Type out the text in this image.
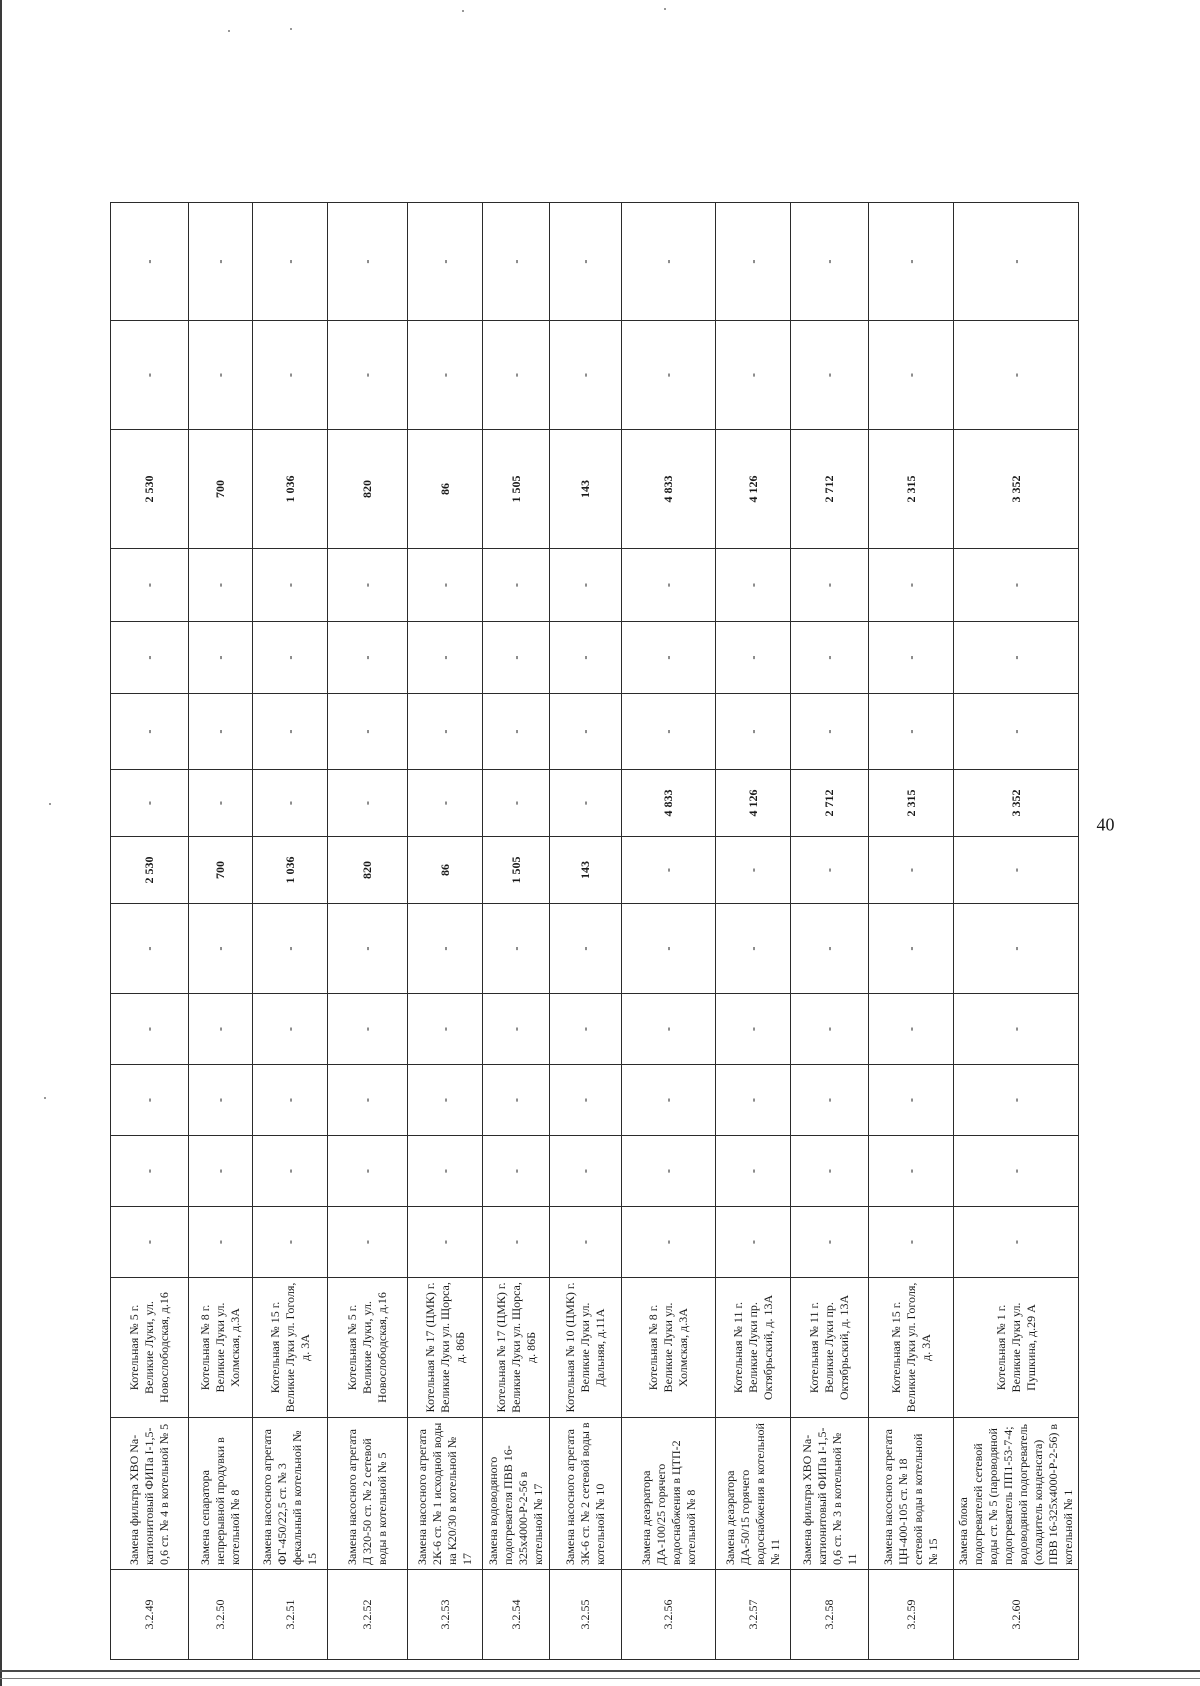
40
3.2.49	Замена фильтра ХВО Na-катионитовый ФИПа I-1,5-0,6 ст. № 4 в котельной № 5	Котельная № 5 г. Великие Луки, ул. Новослободская, д.16	-	-	-	-	-	2 530	-	-	-	-	2 530	-	-
3.2.50	Замена сепаратора непрерывной продувки в котельной № 8	Котельная № 8 г. Великие Луки ул. Холмская, д.3А	-	-	-	-	-	700	-	-	-	-	700	-	-
3.2.51	Замена насосного агрегата ФГ-450/22,5 ст. № 3 фекальный в котельной № 15	Котельная № 15 г. Великие Луки ул. Гоголя, д. 3А	-	-	-	-	-	1 036	-	-	-	-	1 036	-	-
3.2.52	Замена насосного агрегата Д 320-50 ст. № 2 сетевой воды в котельной № 5	Котельная № 5 г. Великие Луки, ул. Новослободская, д.16	-	-	-	-	-	820	-	-	-	-	820	-	-
3.2.53	Замена насосного агрегата 2К-6 ст. № 1 исходной воды на К20/30 в котельной № 17	Котельная № 17 (ЦМК) г. Великие Луки ул. Щорса, д. 86Б	-	-	-	-	-	86	-	-	-	-	86	-	-
3.2.54	Замена водоводяного подогревателя ПВВ 16-325х4000-Р-2-56 в котельной № 17	Котельная № 17 (ЦМК) г. Великие Луки ул. Щорса, д. 86Б	-	-	-	-	-	1 505	-	-	-	-	1 505	-	-
3.2.55	Замена насосного агрегата 3К-6 ст. № 2 сетевой воды в котельной № 10	Котельная № 10 (ЦМК) г. Великие Луки ул. Дальняя, д.11А	-	-	-	-	-	143	-	-	-	-	143	-	-
3.2.56	Замена деаэратора ДА-100/25 горячего водоснабжения в ЦТП-2 котельной № 8	Котельная № 8 г. Великие Луки ул. Холмская, д.3А	-	-	-	-	-	-	4 833	-	-	-	4 833	-	-
3.2.57	Замена деаэратора ДА-50/15 горячего водоснабжения в котельной № 11	Котельная № 11 г. Великие Луки пр. Октябрьский, д. 13А	-	-	-	-	-	-	4 126	-	-	-	4 126	-	-
3.2.58	Замена фильтра ХВО Na-катионитовый ФИПа I-1,5-0,6 ст. № 3 в котельной № 11	Котельная № 11 г. Великие Луки пр. Октябрьский, д. 13А	-	-	-	-	-	-	2 712	-	-	-	2 712	-	-
3.2.59	Замена насосного агрегата ЦН-400-105 ст. № 18 сетевой воды в котельной № 15	Котельная № 15 г. Великие Луки ул. Гоголя, д. 3А	-	-	-	-	-	-	2 315	-	-	-	2 315	-	-
3.2.60	Замена блока подогревателей сетевой воды ст. № 5 (пароводяной подогреватель ПП1-53-7-4; водоводяной подогреватель (охладитель конденсата) ПВВ 16-325х4000-Р-2-56) в котельной № 1	Котельная № 1 г. Великие Луки ул. Пушкина, д.29 А	-	-	-	-	-	-	3 352	-	-	-	3 352	-	-
